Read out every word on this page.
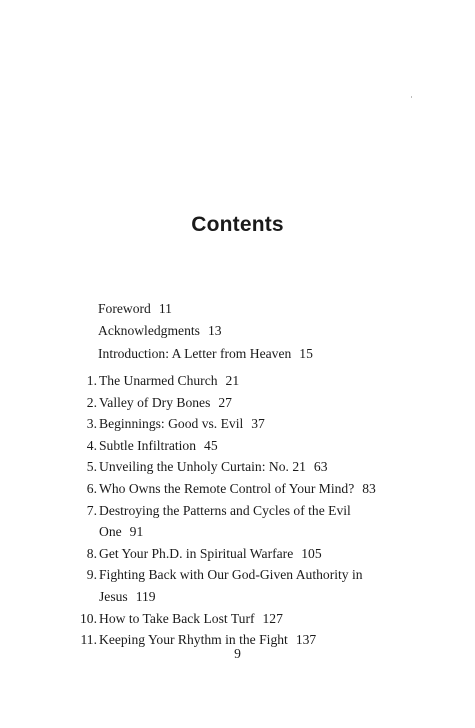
Contents
Foreword 11
Acknowledgments 13
Introduction: A Letter from Heaven 15
1. The Unarmed Church 21
2. Valley of Dry Bones 27
3. Beginnings: Good vs. Evil 37
4. Subtle Infiltration 45
5. Unveiling the Unholy Curtain: No. 21 63
6. Who Owns the Remote Control of Your Mind? 83
7. Destroying the Patterns and Cycles of the Evil
One 91
8. Get Your Ph.D. in Spiritual Warfare 105
9. Fighting Back with Our God-Given Authority in
Jesus 119
10. How to Take Back Lost Turf 127
11. Keeping Your Rhythm in the Fight 137
9
